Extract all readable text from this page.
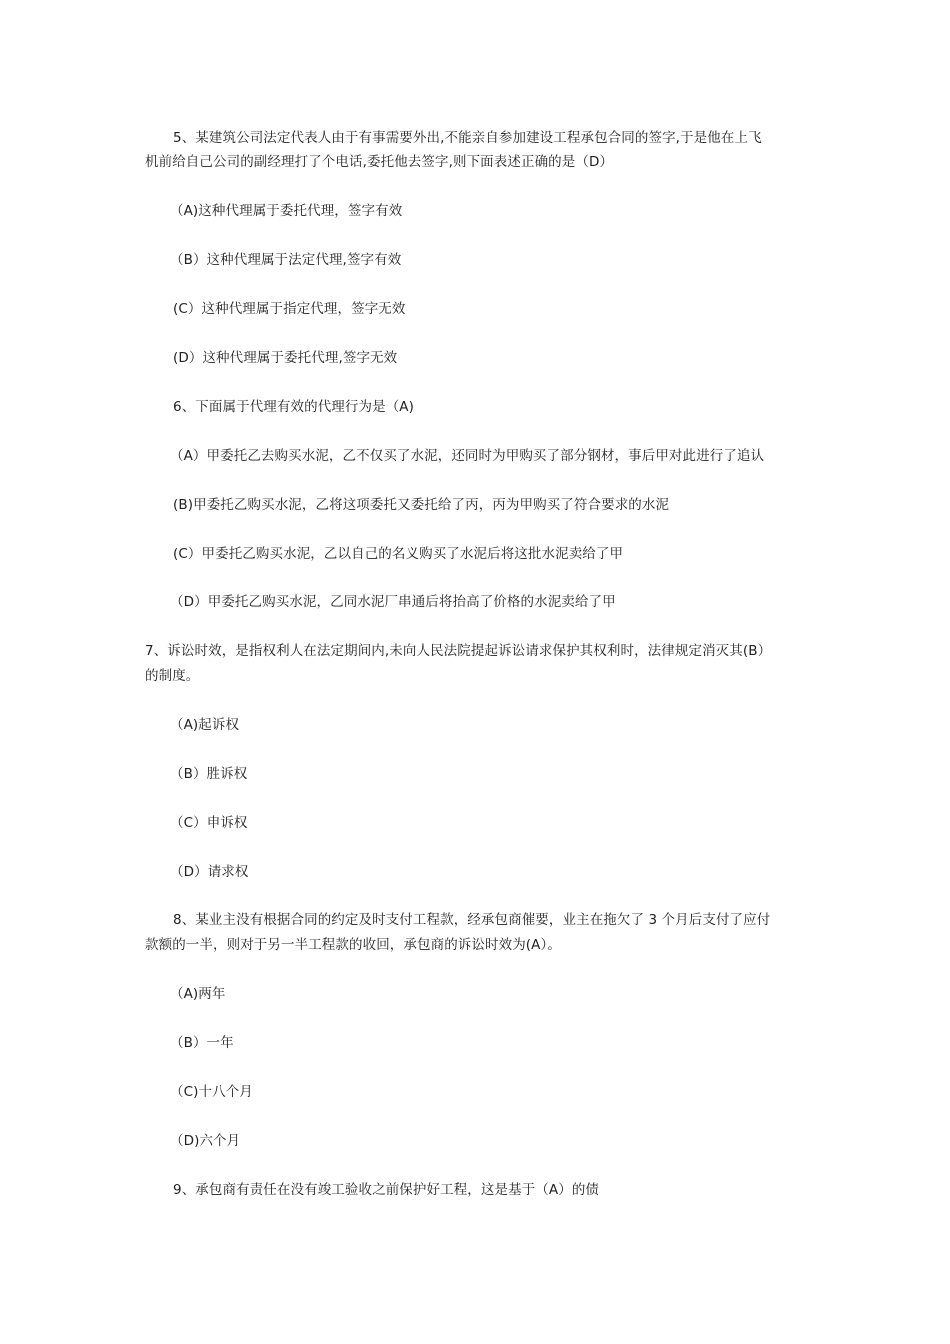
5、某建筑公司法定代表人由于有事需要外出,不能亲自参加建设工程承包合同的签字,于是他在上飞

机前给自己公司的副经理打了个电话,委托他去签字,则下面表述正确的是（D）

（A)这种代理属于委托代理，签字有效

（B）这种代理属于法定代理,签字有效

(C）这种代理属于指定代理，签字无效

(D）这种代理属于委托代理,签字无效

6、下面属于代理有效的代理行为是（A)

（A）甲委托乙去购买水泥，乙不仅买了水泥，还同时为甲购买了部分钢材，事后甲对此进行了追认

(B)甲委托乙购买水泥，乙将这项委托又委托给了丙，丙为甲购买了符合要求的水泥

(C）甲委托乙购买水泥，乙以自己的名义购买了水泥后将这批水泥卖给了甲

（D）甲委托乙购买水泥，乙同水泥厂串通后将抬高了价格的水泥卖给了甲

7、诉讼时效，是指权利人在法定期间内,未向人民法院提起诉讼请求保护其权利时，法律规定消灭其(B）

的制度。

（A)起诉权

（B）胜诉权

（C）申诉权

（D）请求权

8、某业主没有根据合同的约定及时支付工程款，经承包商催要，业主在拖欠了 3 个月后支付了应付

款额的一半，则对于另一半工程款的收回，承包商的诉讼时效为(A）。

（A)两年

（B）一年

（C)十八个月

（D)六个月

9、承包商有责任在没有竣工验收之前保护好工程，这是基于（A）的债
